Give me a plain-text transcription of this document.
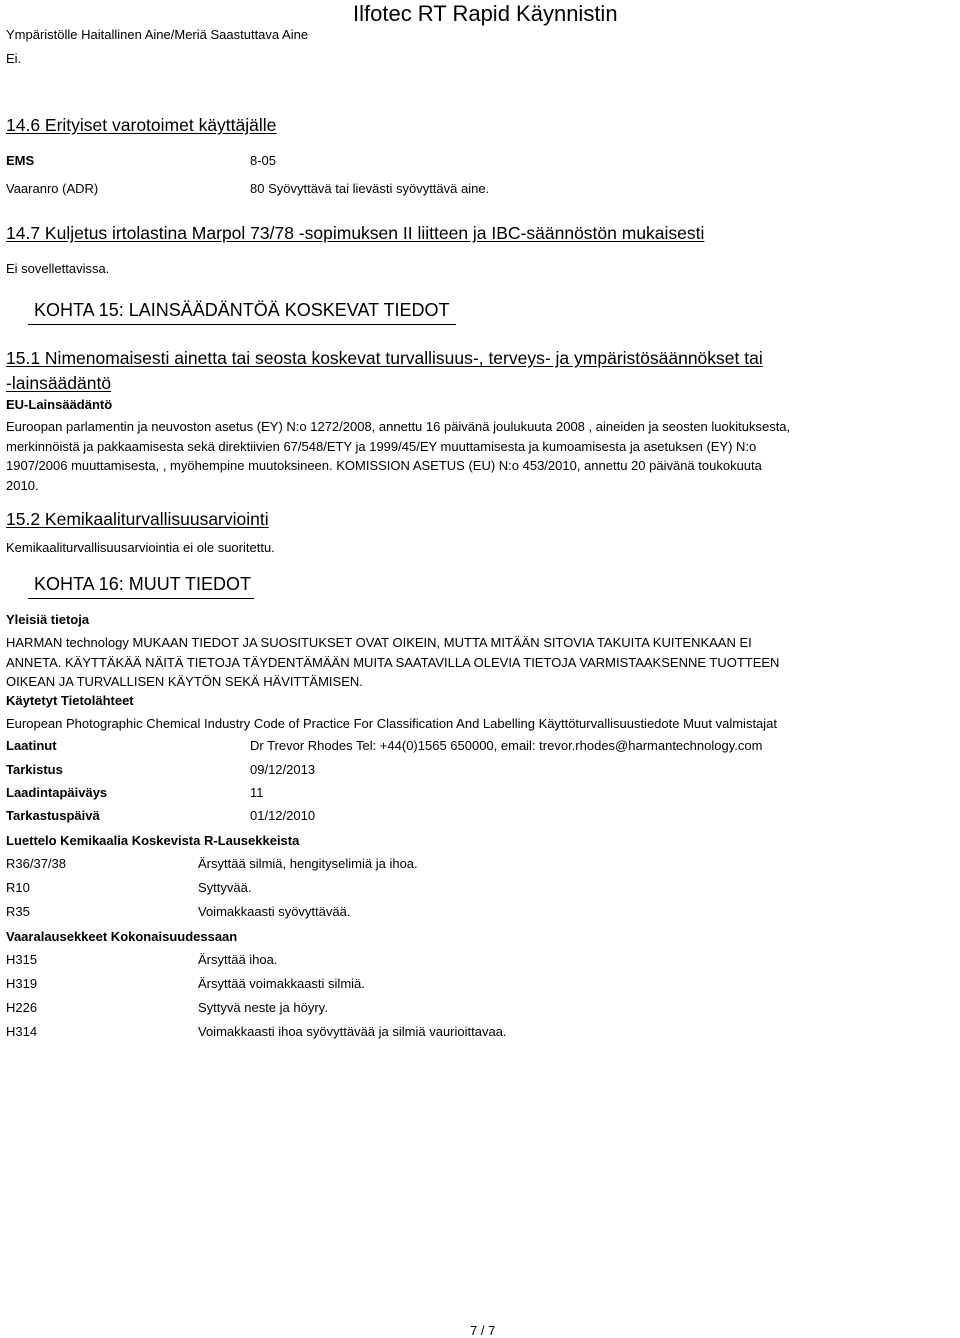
Ympäristölle Haitallinen Aine/Meriä Saastuttava Aine
Ei.
Ilfotec RT Rapid Käynnistin
14.6 Erityiset varotoimet käyttäjälle
EMS	8-05
Vaaranro (ADR)	80 Syövyttävä tai lievästi syövyttävä aine.
14.7 Kuljetus irtolastina Marpol 73/78 -sopimuksen II liitteen ja IBC-säännöstön mukaisesti
Ei sovellettavissa.
KOHTA 15: LAINSÄÄDÄNTÖÄ KOSKEVAT TIEDOT
15.1 Nimenomaisesti ainetta tai seosta koskevat turvallisuus-, terveys- ja ympäristösäännökset tai
-lainsäädäntö
EU-Lainsäädäntö
Euroopan parlamentin ja neuvoston asetus (EY) N:o 1272/2008, annettu 16 päivänä joulukuuta 2008 , aineiden ja seosten luokituksesta,
merkinnöistä ja pakkaamisesta sekä direktiivien 67/548/ETY ja 1999/45/EY muuttamisesta ja kumoamisesta ja asetuksen (EY) N:o
1907/2006 muuttamisesta, , myöhempine muutoksineen. KOMISSION ASETUS (EU) N:o 453/2010, annettu 20 päivänä toukokuuta
2010.
15.2 Kemikaaliturvallisuusarviointi
Kemikaaliturvallisuusarviointia ei ole suoritettu.
KOHTA 16: MUUT TIEDOT
Yleisiä tietoja
HARMAN technology MUKAAN TIEDOT JA SUOSITUKSET OVAT OIKEIN, MUTTA MITÄÄN SITOVIA TAKUITA KUITENKAAN EI
ANNETA. KÄYTTÄKÄÄ NÄITÄ TIETOJA TÄYDENTÄMÄÄN MUITA SAATAVILLA OLEVIA TIETOJA VARMISTAAKSENNE TUOTTEEN
OIKEAN JA TURVALLISEN KÄYTÖN SEKÄ HÄVITTÄMISEN.
Käytetyt Tietolähteet
European Photographic Chemical Industry Code of Practice For Classification And Labelling Käyttöturvallisuustiedote Muut valmistajat
Laatinut	Dr Trevor Rhodes Tel: +44(0)1565 650000, email: trevor.rhodes@harmantechnology.com
Tarkistus	09/12/2013
Laadintapäiväys	11
Tarkastuspäivä	01/12/2010
Luettelo Kemikaalia Koskevista R-Lausekkeista
R36/37/38	Ärsyttää silmiä, hengityselimiä ja ihoa.
R10	Syttyvää.
R35	Voimakkaasti syövyttävää.
Vaaralausekkeet Kokonaisuudessaan
H315	Ärsyttää ihoa.
H319	Ärsyttää voimakkaasti silmiä.
H226	Syttyvä neste ja höyry.
H314	Voimakkaasti ihoa syövyttävää ja silmiä vaurioittavaa.
7 / 7
